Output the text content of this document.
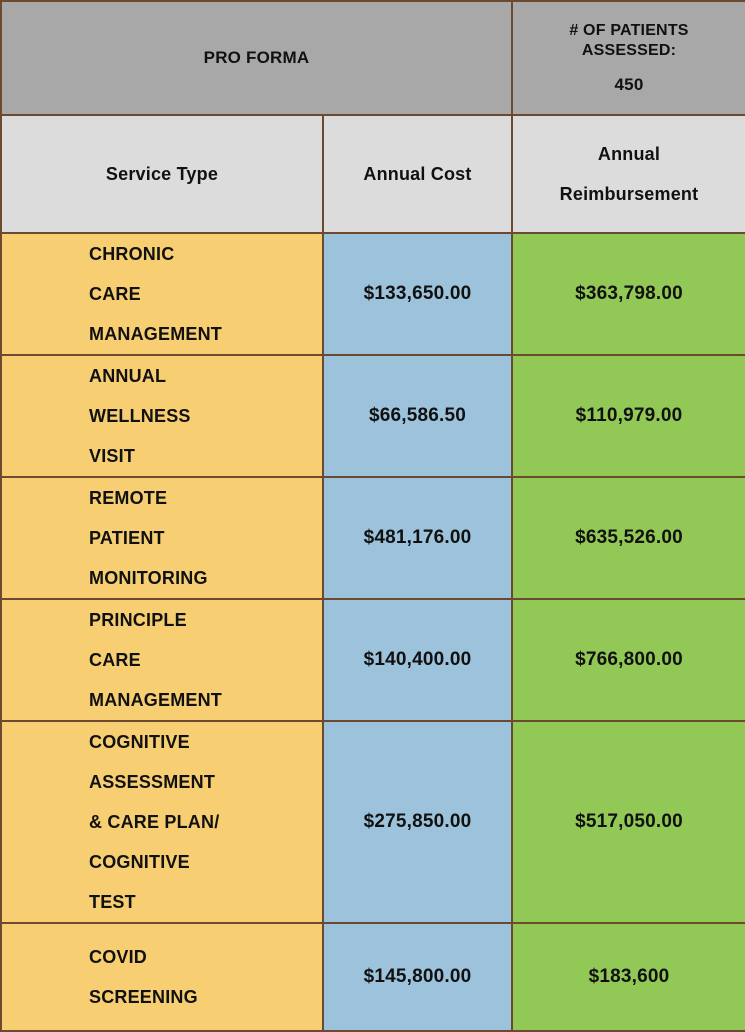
PRO FORMA		# OF PATIENTS
ASSESSED:
450

Service Type	Annual Cost	Annual
Reimbursement

CHRONIC
CARE
MANAGEMENT	$133,650.00	$363,798.00

ANNUAL
WELLNESS
VISIT	$66,586.50	$110,979.00

REMOTE
PATIENT
MONITORING	$481,176.00	$635,526.00

PRINCIPLE
CARE
MANAGEMENT	$140,400.00	$766,800.00

COGNITIVE
ASSESSMENT
& CARE PLAN/
COGNITIVE
TEST	$275,850.00	$517,050.00

COVID
SCREENING	$145,800.00	$183,600
